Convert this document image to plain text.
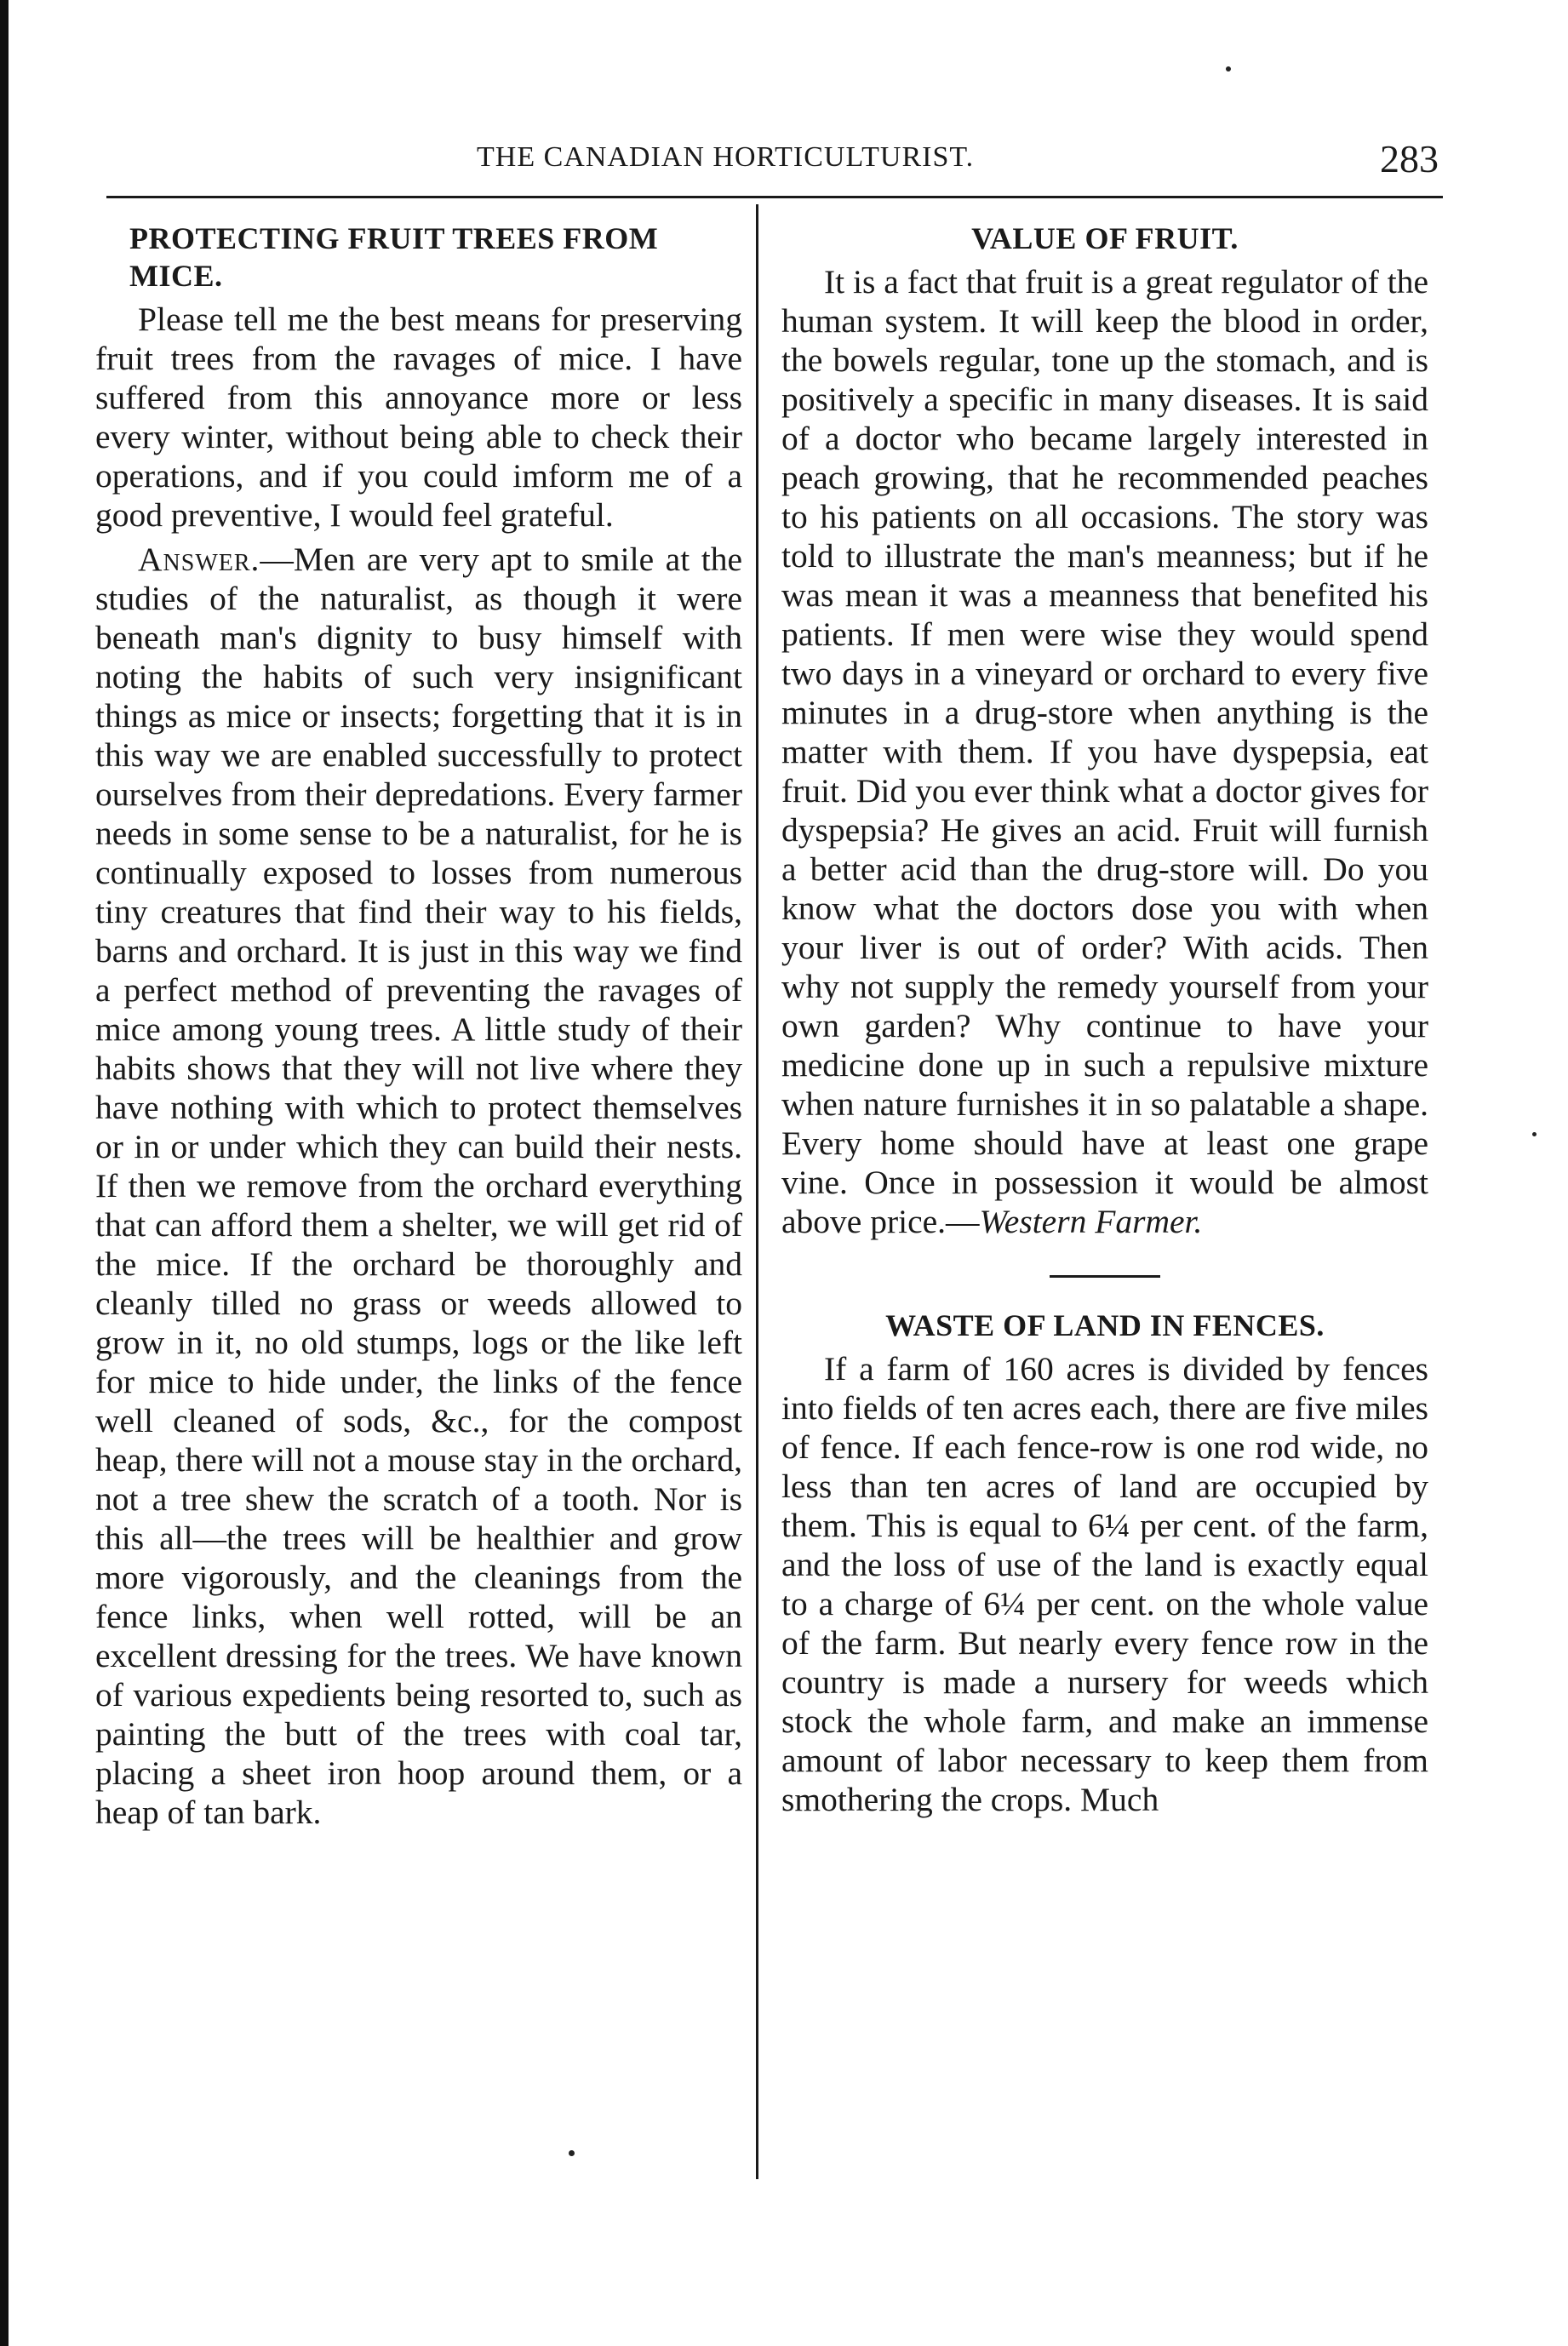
THE CANADIAN HORTICULTURIST.	283
PROTECTING FRUIT TREES FROM MICE.

Please tell me the best means for preserving fruit trees from the ravages of mice. I have suffered from this annoyance more or less every winter, without being able to check their operations, and if you could imform me of a good preventive, I would feel grateful.

Answer.—Men are very apt to smile at the studies of the naturalist, as though it were beneath man's dignity to busy himself with noting the habits of such very insignificant things as mice or insects; forgetting that it is in this way we are enabled successfully to protect ourselves from their depredations. Every farmer needs in some sense to be a naturalist, for he is continually exposed to losses from numerous tiny creatures that find their way to his fields, barns and orchard. It is just in this way we find a perfect method of preventing the ravages of mice among young trees. A little study of their habits shows that they will not live where they have nothing with which to protect themselves or in or under which they can build their nests. If then we remove from the orchard everything that can afford them a shelter, we will get rid of the mice. If the orchard be thoroughly and cleanly tilled no grass or weeds allowed to grow in it, no old stumps, logs or the like left for mice to hide under, the links of the fence well cleaned of sods, &c., for the compost heap, there will not a mouse stay in the orchard, not a tree shew the scratch of a tooth. Nor is this all—the trees will be healthier and grow more vigorously, and the cleanings from the fence links, when well rotted, will be an excellent dressing for the trees. We have known of various expedients being resorted to, such as painting the butt of the trees with coal tar, placing a sheet iron hoop around them, or a heap of tan bark.

VALUE OF FRUIT.

It is a fact that fruit is a great regulator of the human system. It will keep the blood in order, the bowels regular, tone up the stomach, and is positively a specific in many diseases. It is said of a doctor who became largely interested in peach growing, that he recommended peaches to his patients on all occasions. The story was told to illustrate the man's meanness; but if he was mean it was a meanness that benefited his patients. If men were wise they would spend two days in a vineyard or orchard to every five minutes in a drug-store when anything is the matter with them. If you have dyspepsia, eat fruit. Did you ever think what a doctor gives for dyspepsia? He gives an acid. Fruit will furnish a better acid than the drug-store will. Do you know what the doctors dose you with when your liver is out of order? With acids. Then why not supply the remedy yourself from your own garden? Why continue to have your medicine done up in such a repulsive mixture when nature furnishes it in so palatable a shape. Every home should have at least one grape vine. Once in possession it would be almost above price.—Western Farmer.

WASTE OF LAND IN FENCES.

If a farm of 160 acres is divided by fences into fields of ten acres each, there are five miles of fence. If each fence-row is one rod wide, no less than ten acres of land are occupied by them. This is equal to 6¼ per cent. of the farm, and the loss of use of the land is exactly equal to a charge of 6¼ per cent. on the whole value of the farm. But nearly every fence row in the country is made a nursery for weeds which stock the whole farm, and make an immense amount of labor necessary to keep them from smothering the crops. Much
